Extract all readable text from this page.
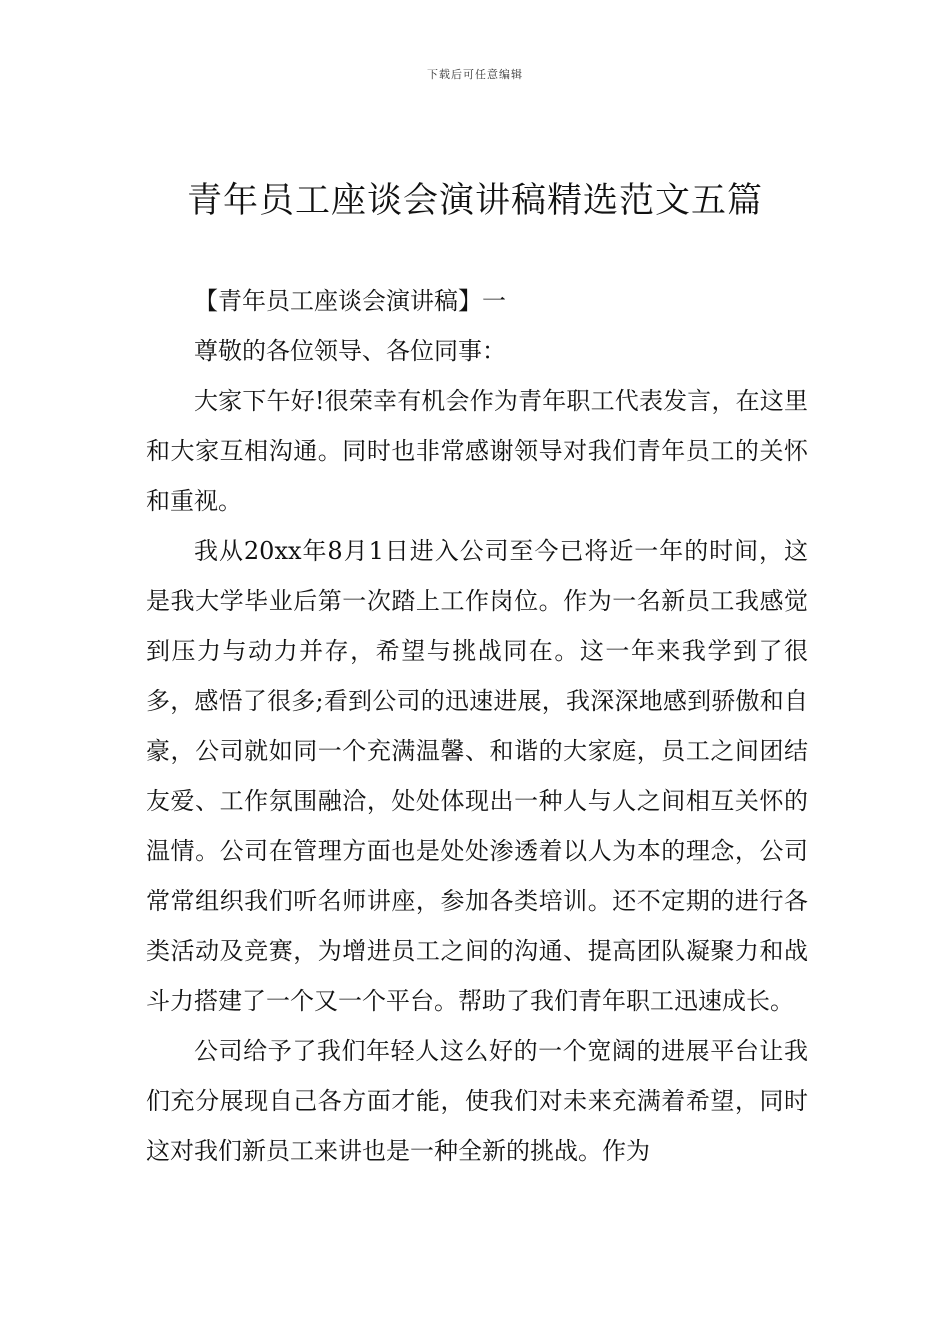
下载后可任意编辑
青年员工座谈会演讲稿精选范文五篇

【青年员工座谈会演讲稿】一

尊敬的各位领导、各位同事：

大家下午好!很荣幸有机会作为青年职工代表发言，在这里和大家互相沟通。同时也非常感谢领导对我们青年员工的关怀和重视。

我从20xx年8月1日进入公司至今已将近一年的时间，这是我大学毕业后第一次踏上工作岗位。作为一名新员工我感觉到压力与动力并存，希望与挑战同在。这一年来我学到了很多，感悟了很多;看到公司的迅速进展，我深深地感到骄傲和自豪，公司就如同一个充满温馨、和谐的大家庭，员工之间团结友爱、工作氛围融洽，处处体现出一种人与人之间相互关怀的温情。公司在管理方面也是处处渗透着以人为本的理念，公司常常组织我们听名师讲座，参加各类培训。还不定期的进行各类活动及竞赛，为增进员工之间的沟通、提高团队凝聚力和战斗力搭建了一个又一个平台。帮助了我们青年职工迅速成长。

公司给予了我们年轻人这么好的一个宽阔的进展平台让我们充分展现自己各方面才能，使我们对未来充满着希望，同时这对我们新员工来讲也是一种全新的挑战。作为
